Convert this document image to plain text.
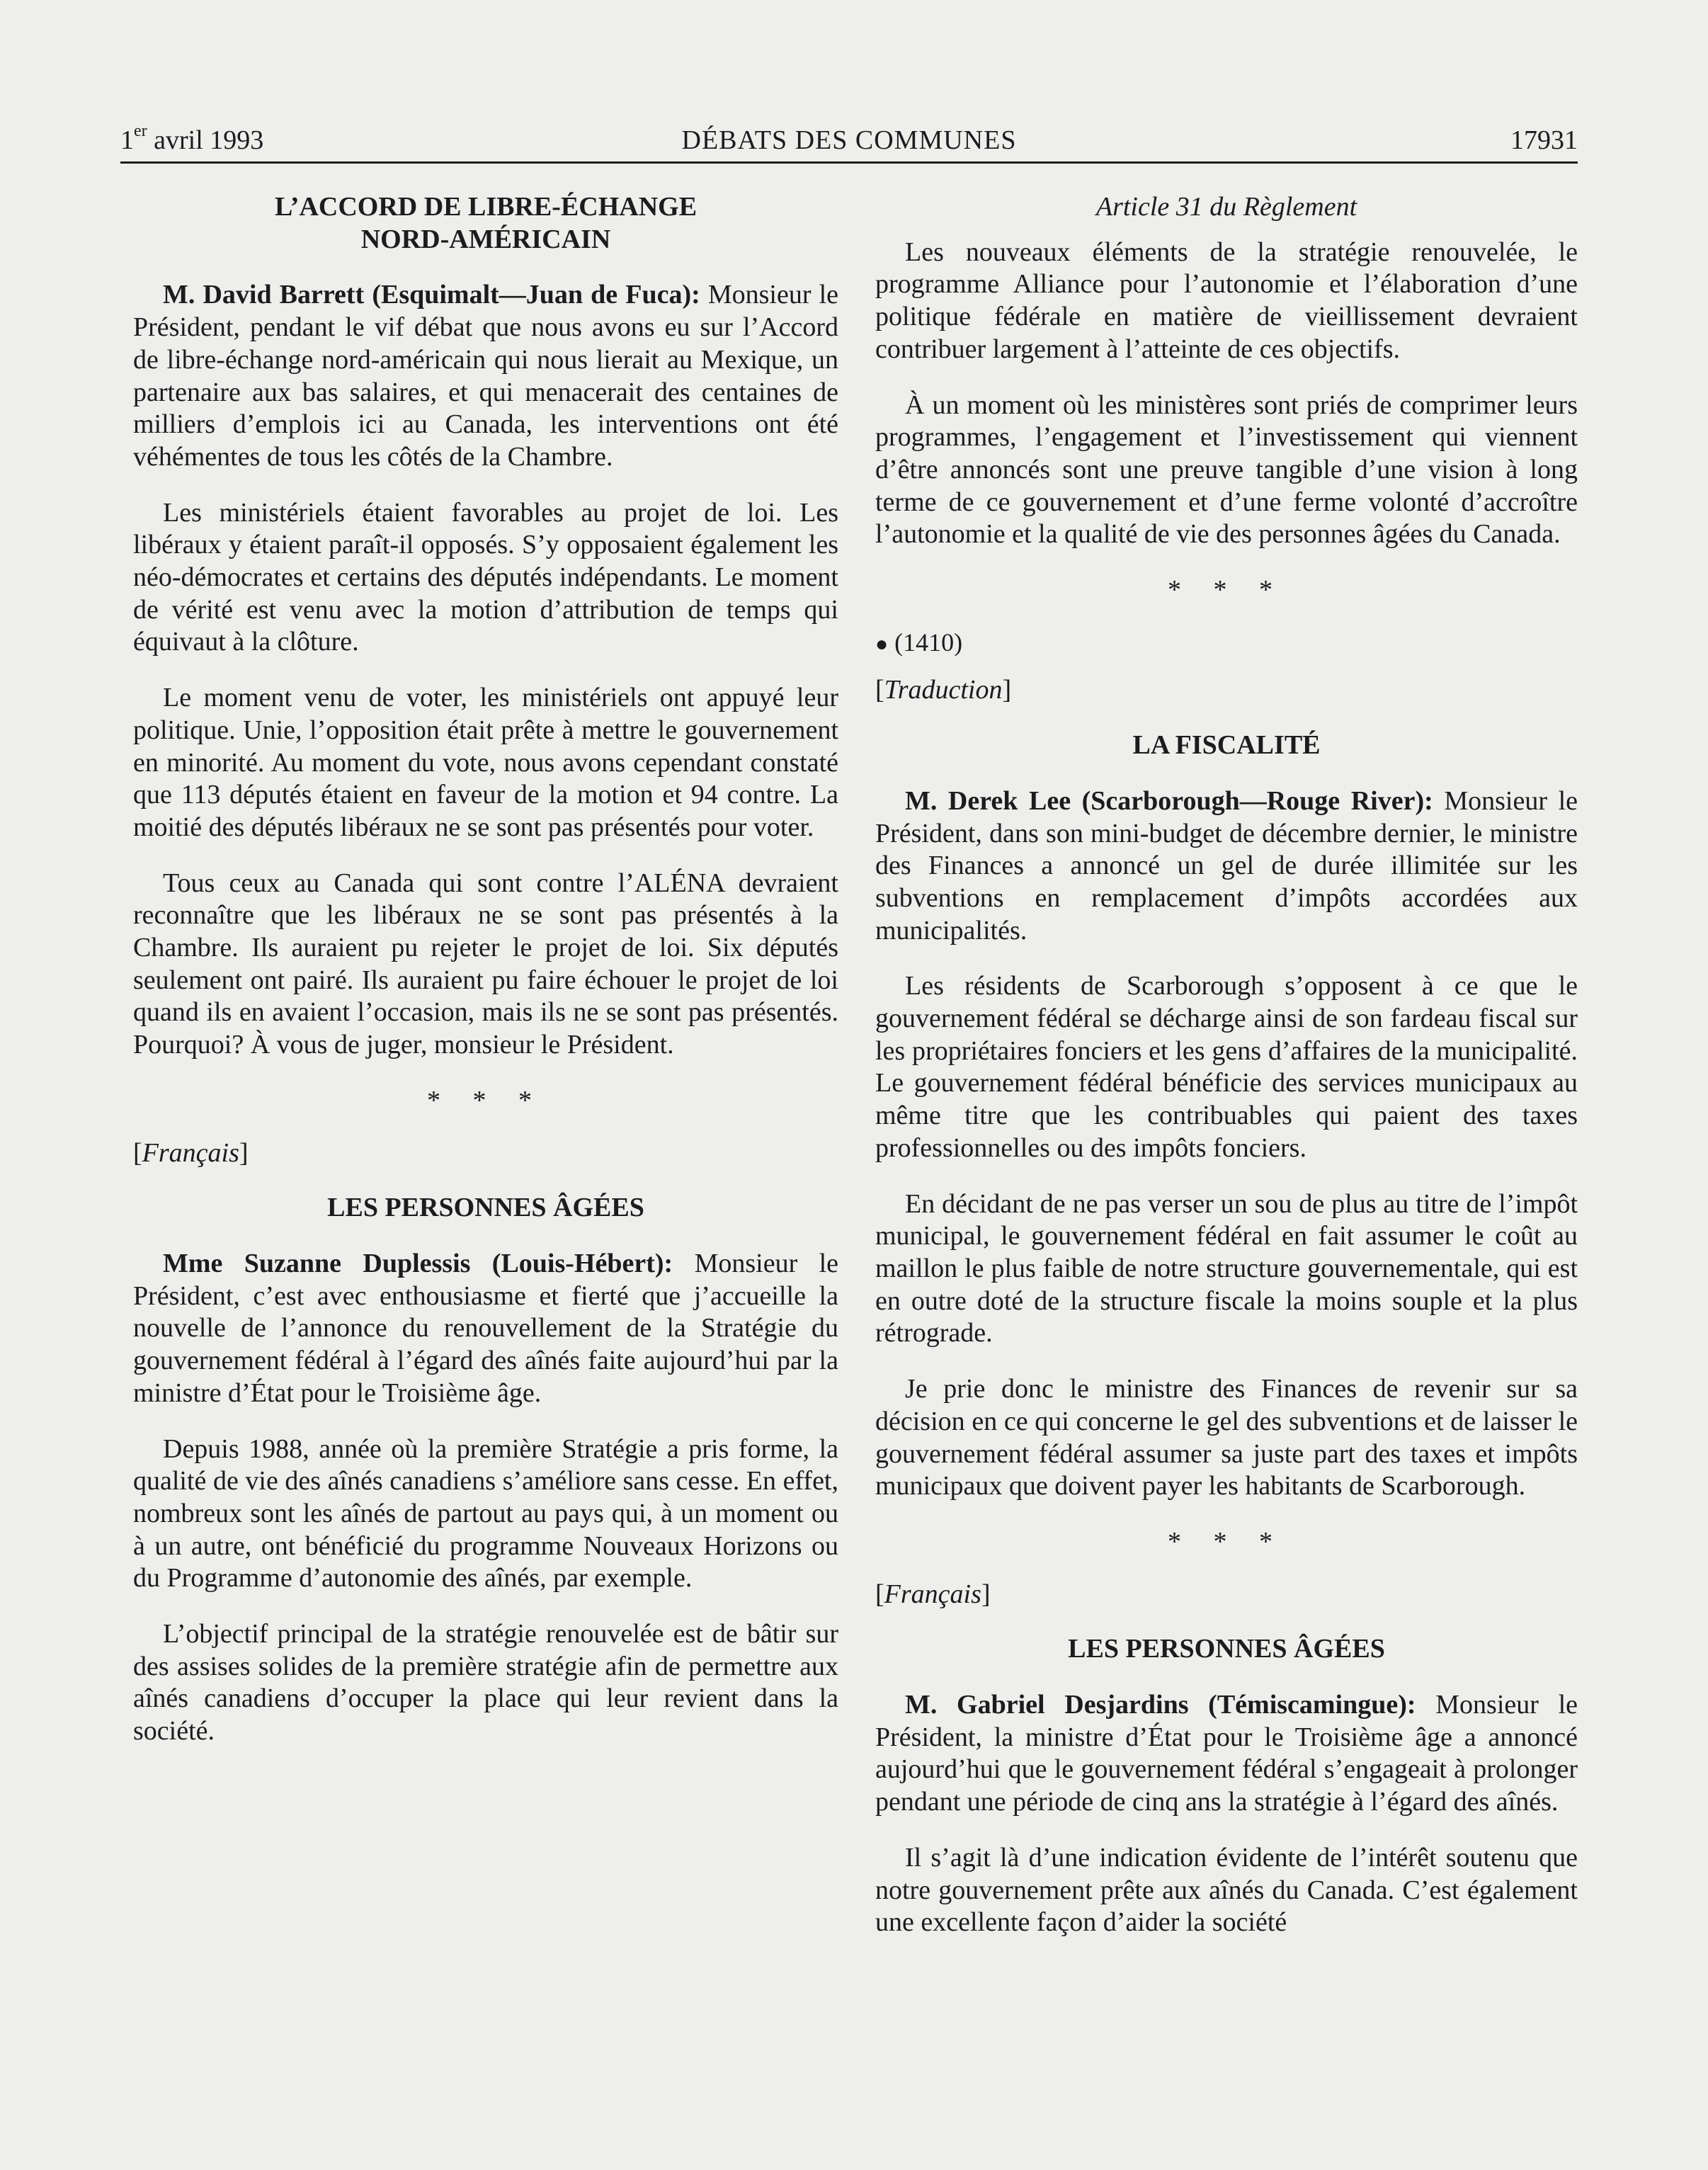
1er avril 1993	DÉBATS DES COMMUNES	17931
L’ACCORD DE LIBRE-ÉCHANGE
NORD-AMÉRICAIN

M. David Barrett (Esquimalt—Juan de Fuca): Monsieur le Président, pendant le vif débat que nous avons eu sur l’Accord de libre-échange nord-américain qui nous lierait au Mexique, un partenaire aux bas salaires, et qui menacerait des centaines de milliers d’emplois ici au Canada, les interventions ont été véhémentes de tous les côtés de la Chambre.

Les ministériels étaient favorables au projet de loi. Les libéraux y étaient paraît-il opposés. S’y opposaient également les néo-démocrates et certains des députés indépendants. Le moment de vérité est venu avec la motion d’attribution de temps qui équivaut à la clôture.

Le moment venu de voter, les ministériels ont appuyé leur politique. Unie, l’opposition était prête à mettre le gouvernement en minorité. Au moment du vote, nous avons cependant constaté que 113 députés étaient en faveur de la motion et 94 contre. La moitié des députés libéraux ne se sont pas présentés pour voter.

Tous ceux au Canada qui sont contre l’ALÉNA devraient reconnaître que les libéraux ne se sont pas présentés à la Chambre. Ils auraient pu rejeter le projet de loi. Six députés seulement ont pairé. Ils auraient pu faire échouer le projet de loi quand ils en avaient l’occasion, mais ils ne se sont pas présentés. Pourquoi? À vous de juger, monsieur le Président.

* * *
[Français]
LES PERSONNES ÂGÉES

Mme Suzanne Duplessis (Louis-Hébert): Monsieur le Président, c’est avec enthousiasme et fierté que j’accueille la nouvelle de l’annonce du renouvellement de la Stratégie du gouvernement fédéral à l’égard des aînés faite aujourd’hui par la ministre d’État pour le Troisième âge.

Depuis 1988, année où la première Stratégie a pris forme, la qualité de vie des aînés canadiens s’améliore sans cesse. En effet, nombreux sont les aînés de partout au pays qui, à un moment ou à un autre, ont bénéficié du programme Nouveaux Horizons ou du Programme d’autonomie des aînés, par exemple.

L’objectif principal de la stratégie renouvelée est de bâtir sur des assises solides de la première stratégie afin de permettre aux aînés canadiens d’occuper la place qui leur revient dans la société.

Article 31 du Règlement

Les nouveaux éléments de la stratégie renouvelée, le programme Alliance pour l’autonomie et l’élaboration d’une politique fédérale en matière de vieillissement devraient contribuer largement à l’atteinte de ces objectifs.

À un moment où les ministères sont priés de comprimer leurs programmes, l’engagement et l’investissement qui viennent d’être annoncés sont une preuve tangible d’une vision à long terme de ce gouvernement et d’une ferme volonté d’accroître l’autonomie et la qualité de vie des personnes âgées du Canada.

* * *
● (1410)
[Traduction]
LA FISCALITÉ

M. Derek Lee (Scarborough—Rouge River): Monsieur le Président, dans son mini-budget de décembre dernier, le ministre des Finances a annoncé un gel de durée illimitée sur les subventions en remplacement d’impôts accordées aux municipalités.

Les résidents de Scarborough s’opposent à ce que le gouvernement fédéral se décharge ainsi de son fardeau fiscal sur les propriétaires fonciers et les gens d’affaires de la municipalité. Le gouvernement fédéral bénéficie des services municipaux au même titre que les contribuables qui paient des taxes professionnelles ou des impôts fonciers.

En décidant de ne pas verser un sou de plus au titre de l’impôt municipal, le gouvernement fédéral en fait assumer le coût au maillon le plus faible de notre structure gouvernementale, qui est en outre doté de la structure fiscale la moins souple et la plus rétrograde.

Je prie donc le ministre des Finances de revenir sur sa décision en ce qui concerne le gel des subventions et de laisser le gouvernement fédéral assumer sa juste part des taxes et impôts municipaux que doivent payer les habitants de Scarborough.

* * *
[Français]
LES PERSONNES ÂGÉES

M. Gabriel Desjardins (Témiscamingue): Monsieur le Président, la ministre d’État pour le Troisième âge a annoncé aujourd’hui que le gouvernement fédéral s’engageait à prolonger pendant une période de cinq ans la stratégie à l’égard des aînés.

Il s’agit là d’une indication évidente de l’intérêt soutenu que notre gouvernement prête aux aînés du Canada. C’est également une excellente façon d’aider la société
